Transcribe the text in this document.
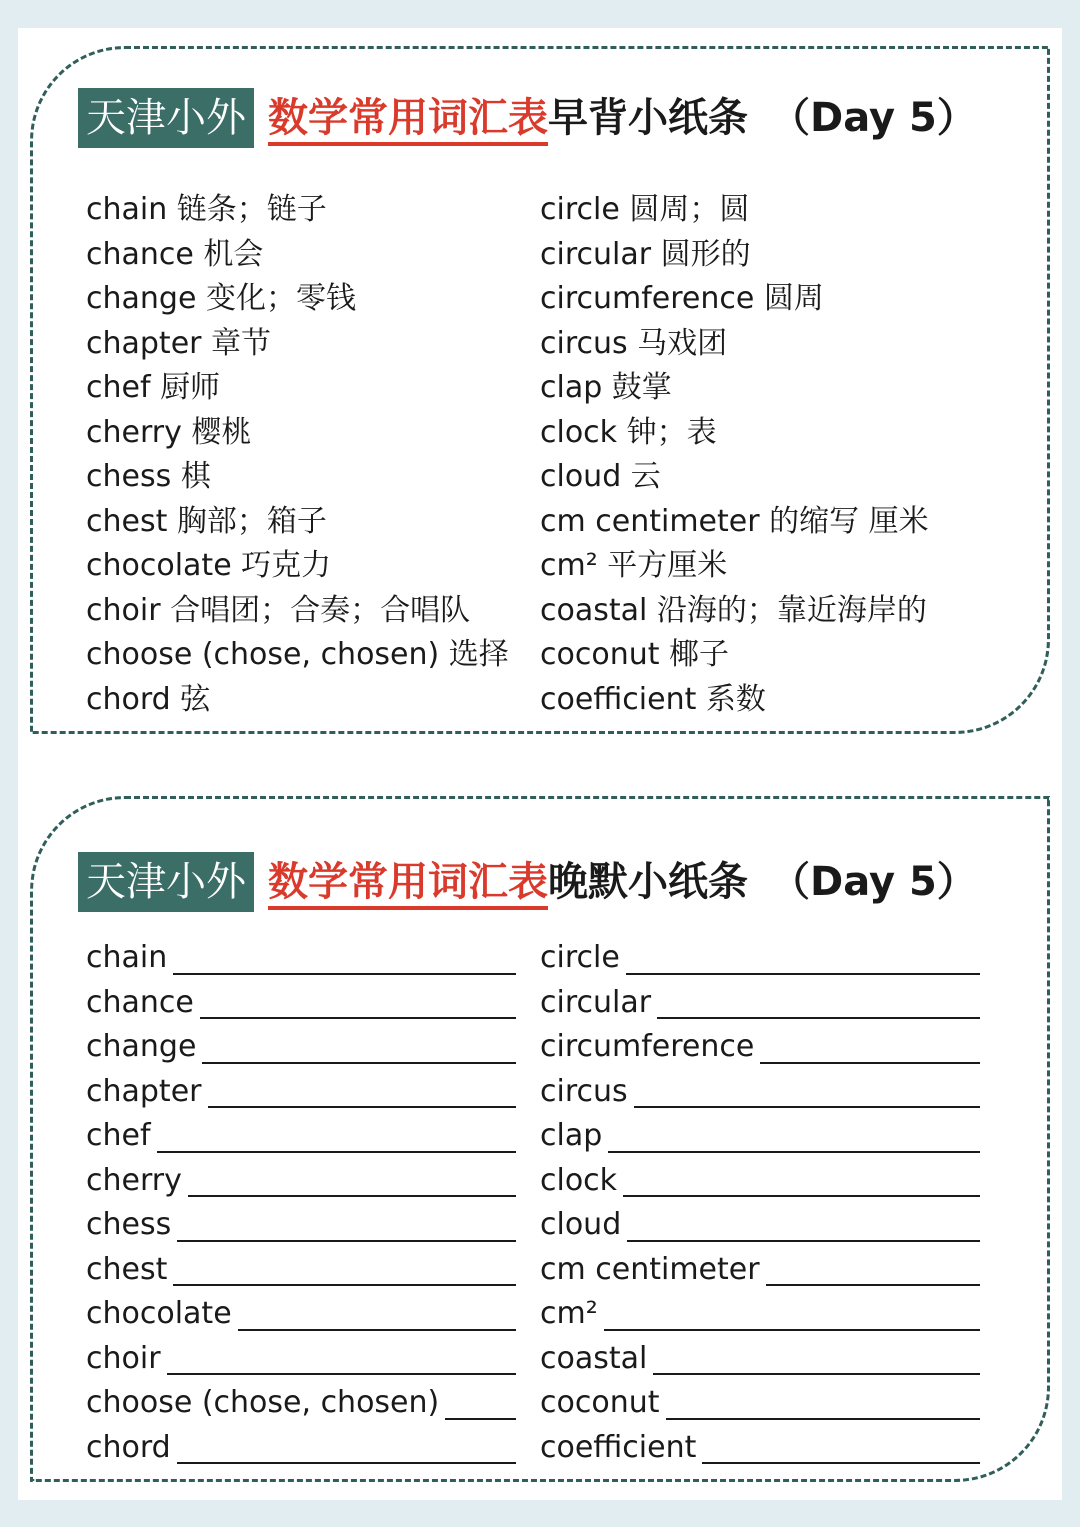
天津小外 数学常用词汇表 早背小纸条 （Day 5）
chain 链条；链子
chance 机会
change 变化；零钱
chapter 章节
chef 厨师
cherry 樱桃
chess 棋
chest 胸部；箱子
chocolate 巧克力
choir 合唱团；合奏；合唱队
choose (chose, chosen) 选择
chord 弦
circle 圆周；圆
circular 圆形的
circumference 圆周
circus 马戏团
clap 鼓掌
clock 钟；表
cloud 云
cm centimeter 的缩写 厘米
cm² 平方厘米
coastal 沿海的；靠近海岸的
coconut 椰子
coefficient 系数
天津小外 数学常用词汇表 晚默小纸条 （Day 5）
chain
chance
change
chapter
chef
cherry
chess
chest
chocolate
choir
choose (chose, chosen)
chord
circle
circular
circumference
circus
clap
clock
cloud
cm centimeter
cm²
coastal
coconut
coefficient
